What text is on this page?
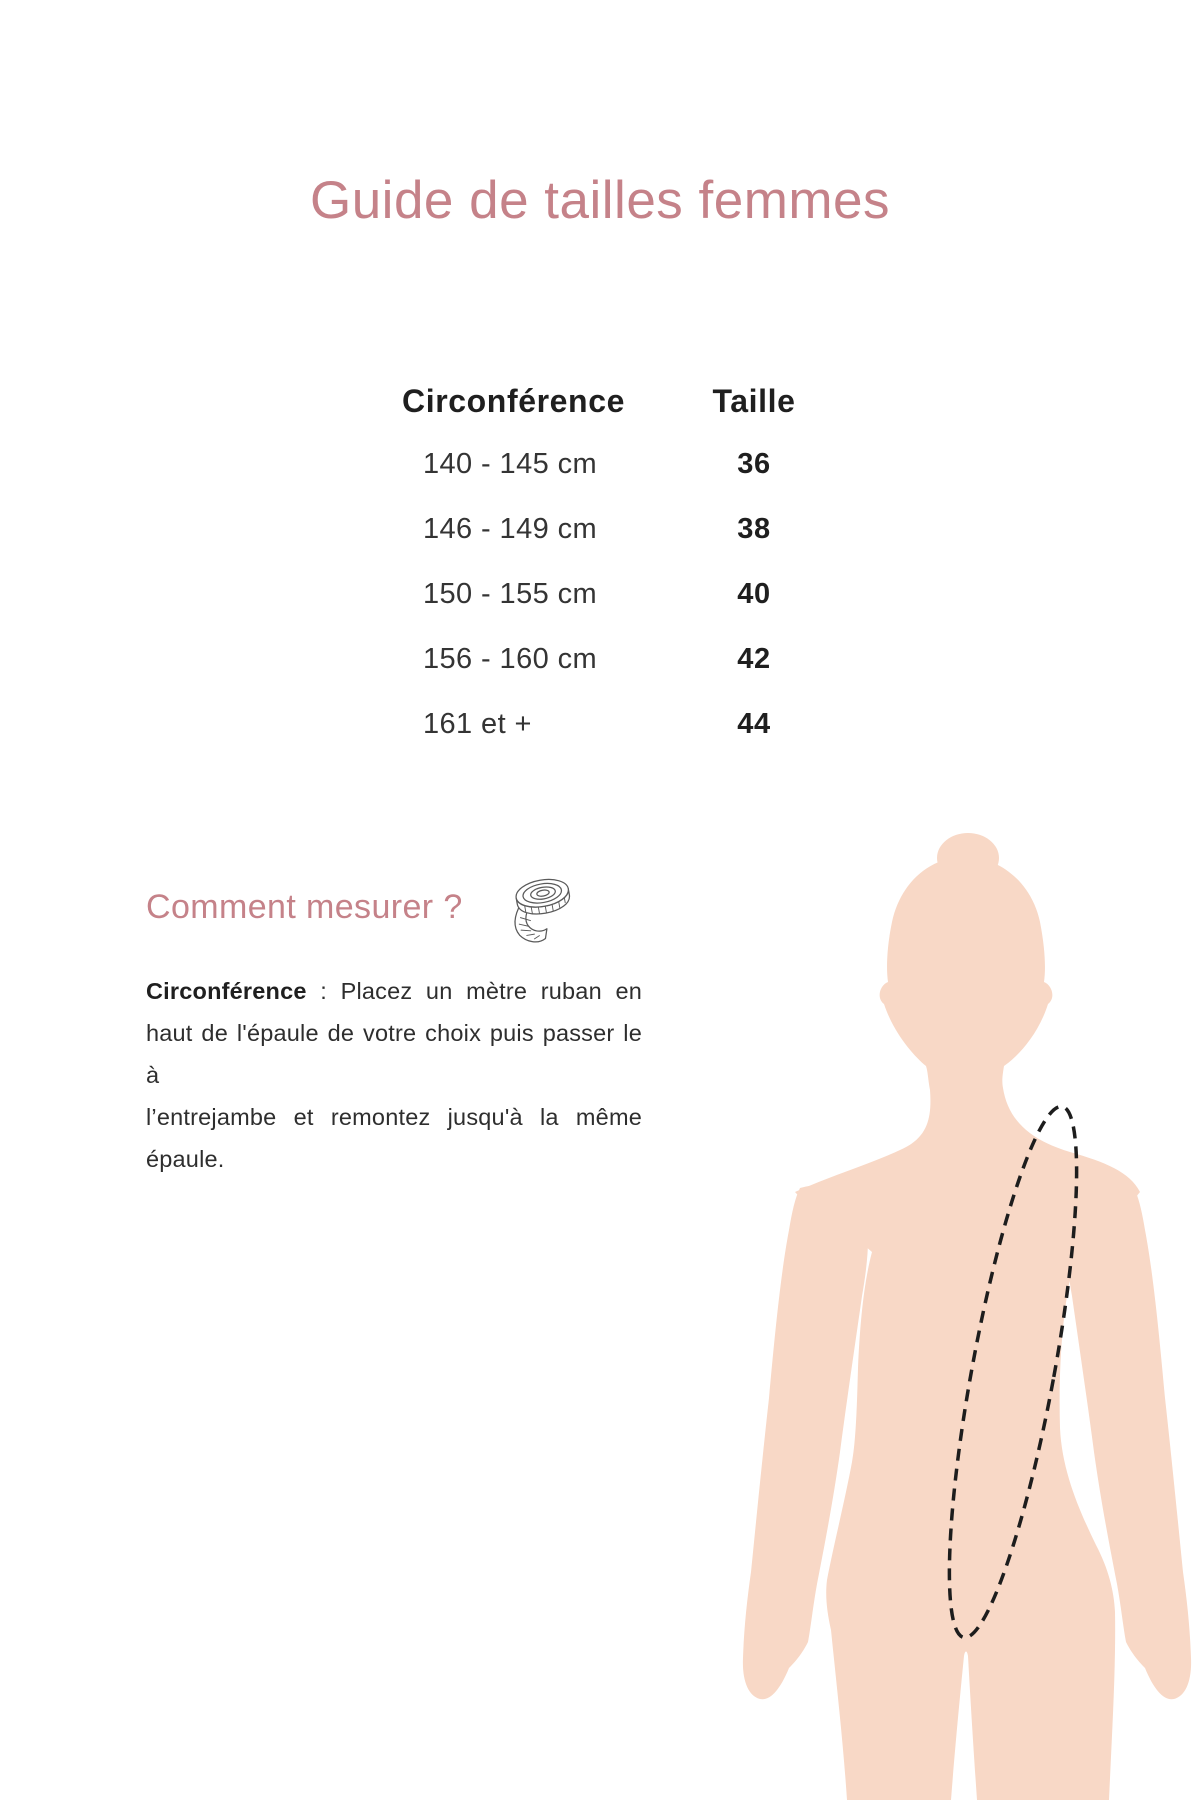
Guide de tailles femmes
Circonférence	Taille
140 - 145 cm	36
146 - 149 cm	38
150 - 155 cm	40
156 - 160 cm	42
161 et +	44
Comment mesurer ?
Circonférence : Placez un mètre ruban en
haut de l'épaule de votre choix puis passer le à
l’entrejambe et remontez jusqu'à la même
épaule.
